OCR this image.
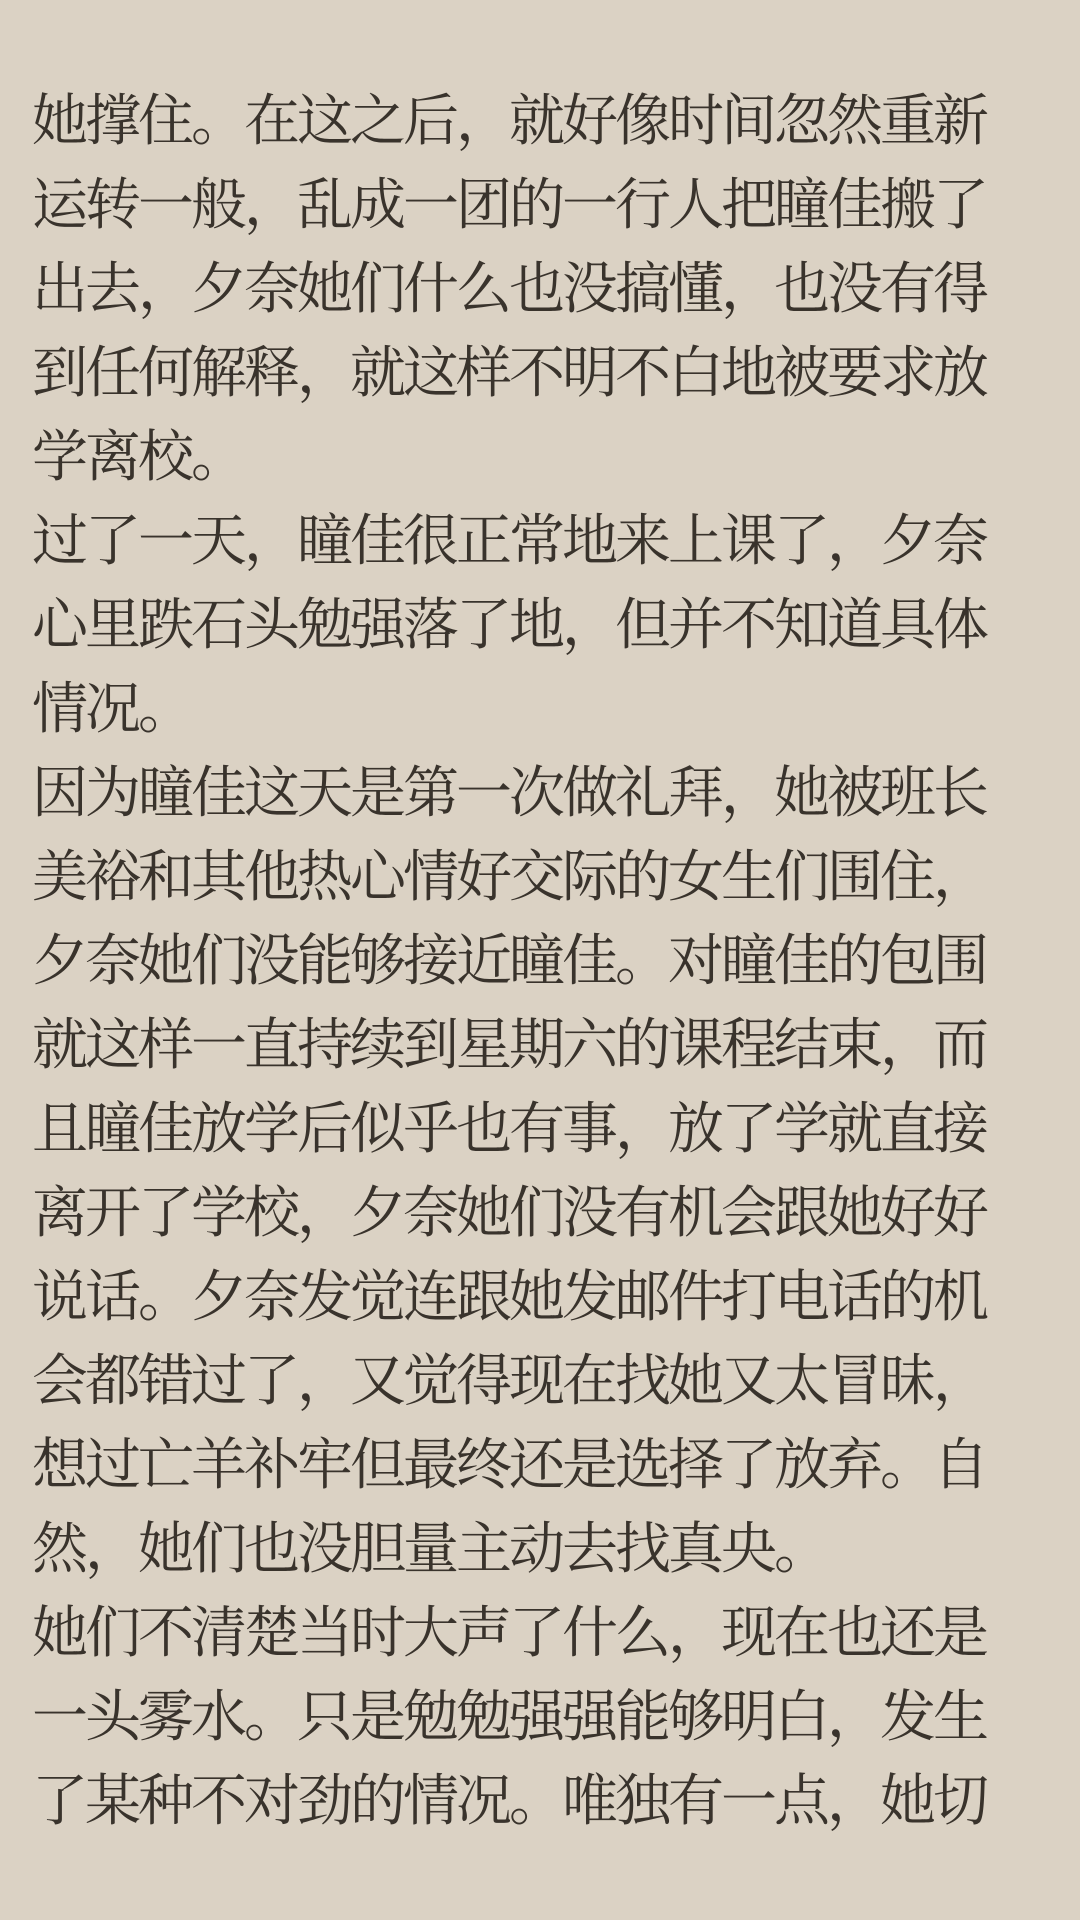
她撑住。在这之后，就好像时间忽然重新
运转一般，乱成一团的一行人把瞳佳搬了
出去，夕奈她们什么也没搞懂，也没有得
到任何解释，就这样不明不白地被要求放
学离校。
过了一天，瞳佳很正常地来上课了，夕奈
心里跌石头勉强落了地，但并不知道具体
情况。
因为瞳佳这天是第一次做礼拜，她被班长
美裕和其他热心情好交际的女生们围住，
夕奈她们没能够接近瞳佳。对瞳佳的包围
就这样一直持续到星期六的课程结束，而
且瞳佳放学后似乎也有事，放了学就直接
离开了学校，夕奈她们没有机会跟她好好
说话。夕奈发觉连跟她发邮件打电话的机
会都错过了，又觉得现在找她又太冒昧，
想过亡羊补牢但最终还是选择了放弃。自
然，她们也没胆量主动去找真央。
她们不清楚当时大声了什么，现在也还是
一头雾水。只是勉勉强强能够明白，发生
了某种不对劲的情况。唯独有一点，她切
